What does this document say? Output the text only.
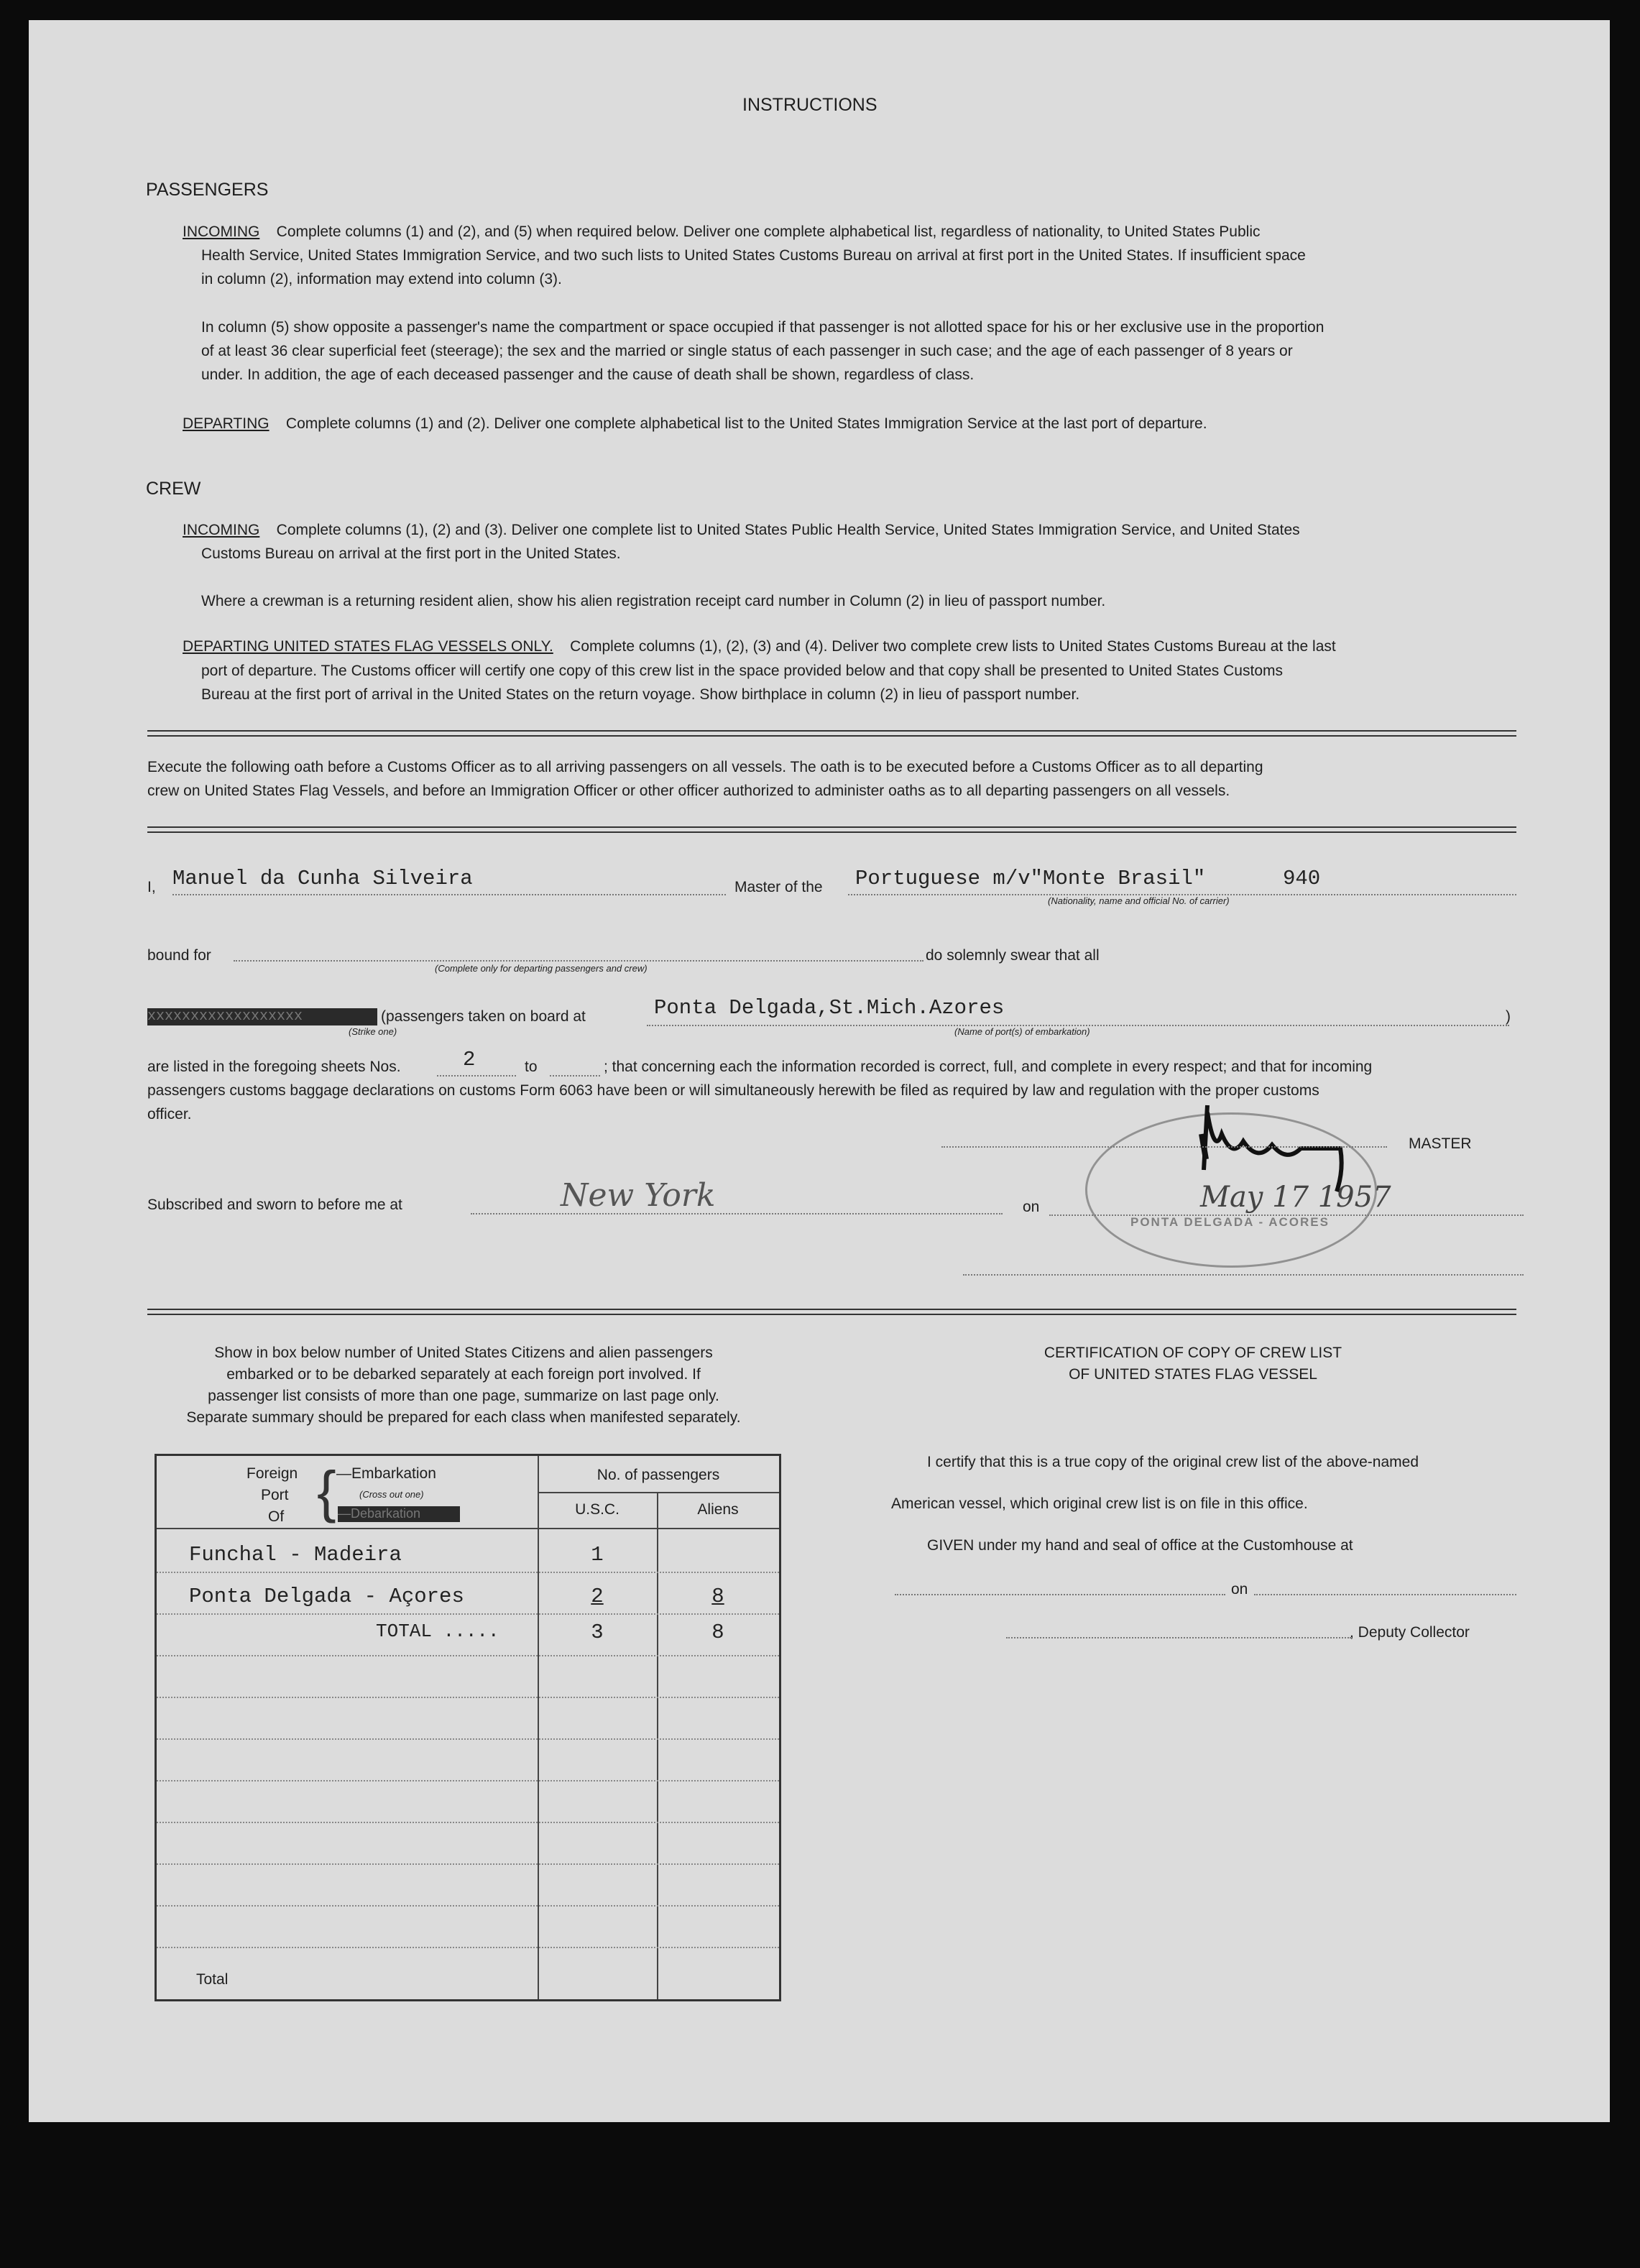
INSTRUCTIONS
PASSENGERS
INCOMING Complete columns (1) and (2), and (5) when required below. Deliver one complete alphabetical list, regardless of nationality, to United States Public
Health Service, United States Immigration Service, and two such lists to United States Customs Bureau on arrival at first port in the United States. If insufficient space
in column (2), information may extend into column (3).
In column (5) show opposite a passenger's name the compartment or space occupied if that passenger is not allotted space for his or her exclusive use in the proportion
of at least 36 clear superficial feet (steerage); the sex and the married or single status of each passenger in such case; and the age of each passenger of 8 years or
under. In addition, the age of each deceased passenger and the cause of death shall be shown, regardless of class.
DEPARTING Complete columns (1) and (2). Deliver one complete alphabetical list to the United States Immigration Service at the last port of departure.
CREW
INCOMING Complete columns (1), (2) and (3). Deliver one complete list to United States Public Health Service, United States Immigration Service, and United States
Customs Bureau on arrival at the first port in the United States.
Where a crewman is a returning resident alien, show his alien registration receipt card number in Column (2) in lieu of passport number.
DEPARTING UNITED STATES FLAG VESSELS ONLY. Complete columns (1), (2), (3) and (4). Deliver two complete crew lists to United States Customs Bureau at the last
port of departure. The Customs officer will certify one copy of this crew list in the space provided below and that copy shall be presented to United States Customs
Bureau at the first port of arrival in the United States on the return voyage. Show birthplace in column (2) in lieu of passport number.
Execute the following oath before a Customs Officer as to all arriving passengers on all vessels. The oath is to be executed before a Customs Officer as to all departing
crew on United States Flag Vessels, and before an Immigration Officer or other officer authorized to administer oaths as to all departing passengers on all vessels.
I, Manuel da Cunha Silveira	Master of the Portuguese m/v"Monte Brasil"	940
(Nationality, name and official No. of carrier)
bound for
(Complete only for departing passengers and crew)
do solemnly swear that all
xxxxxxxxxxxxxxxxxx	(passengers taken on board at	Ponta Delgada,St.Mich.Azores	)
(Strike one)	(Name of port(s) of embarkation)
are listed in the foregoing sheets Nos.	2	to	; that concerning each the information recorded is correct, full, and complete in every respect; and that for incoming
passengers customs baggage declarations on customs Form 6063 have been or will simultaneously herewith be filed as required by law and regulation with the proper customs
officer.
PONTA DELGADA - ACORES
MASTER
Subscribed and sworn to before me at	New York	on	May 17 1957
Show in box below number of United States Citizens and alien passengers
embarked or to be debarked separately at each foreign port involved. If
passenger list consists of more than one page, summarize on last page only.
Separate summary should be prepared for each class when manifested separately.
Foreign
Port
Of { —Embarkation
(Cross out one)
—Debarkation
No. of passengers
U.S.C.	Aliens
Funchal - Madeira	1
Ponta Delgada - Açores	2	8
TOTAL .....	3	8
Total
CERTIFICATION OF COPY OF CREW LIST
OF UNITED STATES FLAG VESSEL
I certify that this is a true copy of the original crew list of the above-named
American vessel, which original crew list is on file in this office.
GIVEN under my hand and seal of office at the Customhouse at
on
, Deputy Collector
